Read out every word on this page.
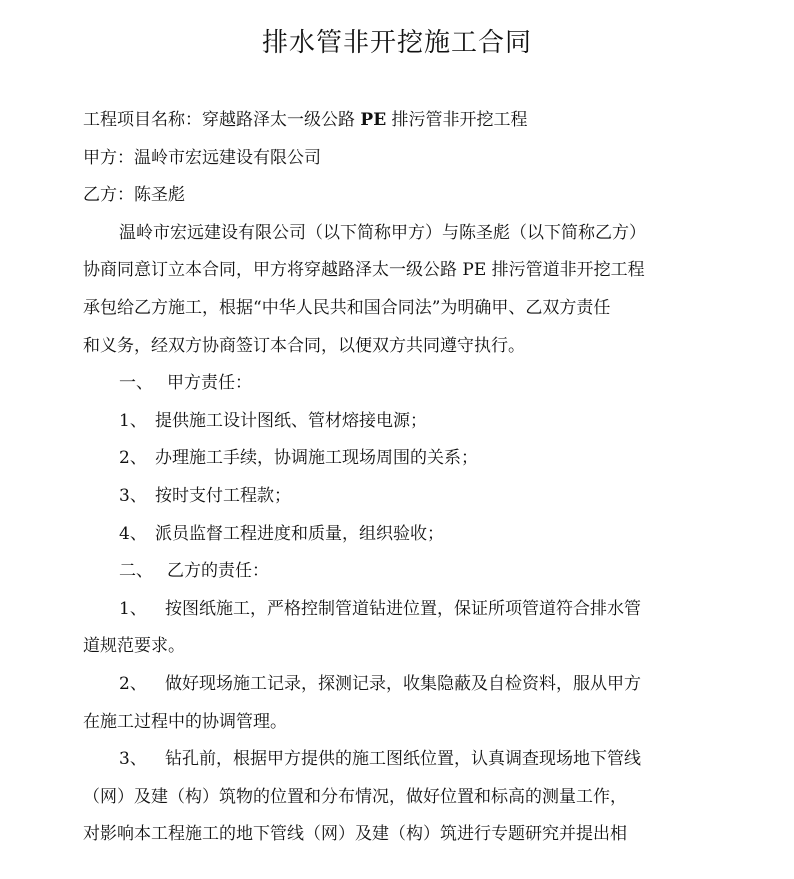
排水管非开挖施工合同
工程项目名称：穿越路泽太一级公路 PE 排污管非开挖工程
甲方：温岭市宏远建设有限公司
乙方：陈圣彪
温岭市宏远建设有限公司（以下简称甲方）与陈圣彪（以下简称乙方）
协商同意订立本合同，甲方将穿越路泽太一级公路 PE 排污管道非开挖工程
承包给乙方施工，根据“中华人民共和国合同法”为明确甲、乙双方责任
和义务，经双方协商签订本合同，以便双方共同遵守执行。
一、 甲方责任：
1、 提供施工设计图纸、管材熔接电源；
2、 办理施工手续，协调施工现场周围的关系；
3、 按时支付工程款；
4、 派员监督工程进度和质量，组织验收；
二、 乙方的责任：
1、 按图纸施工，严格控制管道钻进位置，保证所项管道符合排水管
道规范要求。
2、 做好现场施工记录，探测记录，收集隐蔽及自检资料，服从甲方
在施工过程中的协调管理。
3、 钻孔前，根据甲方提供的施工图纸位置，认真调查现场地下管线
（网）及建（构）筑物的位置和分布情况，做好位置和标高的测量工作，
对影响本工程施工的地下管线（网）及建（构）筑进行专题研究并提出相
